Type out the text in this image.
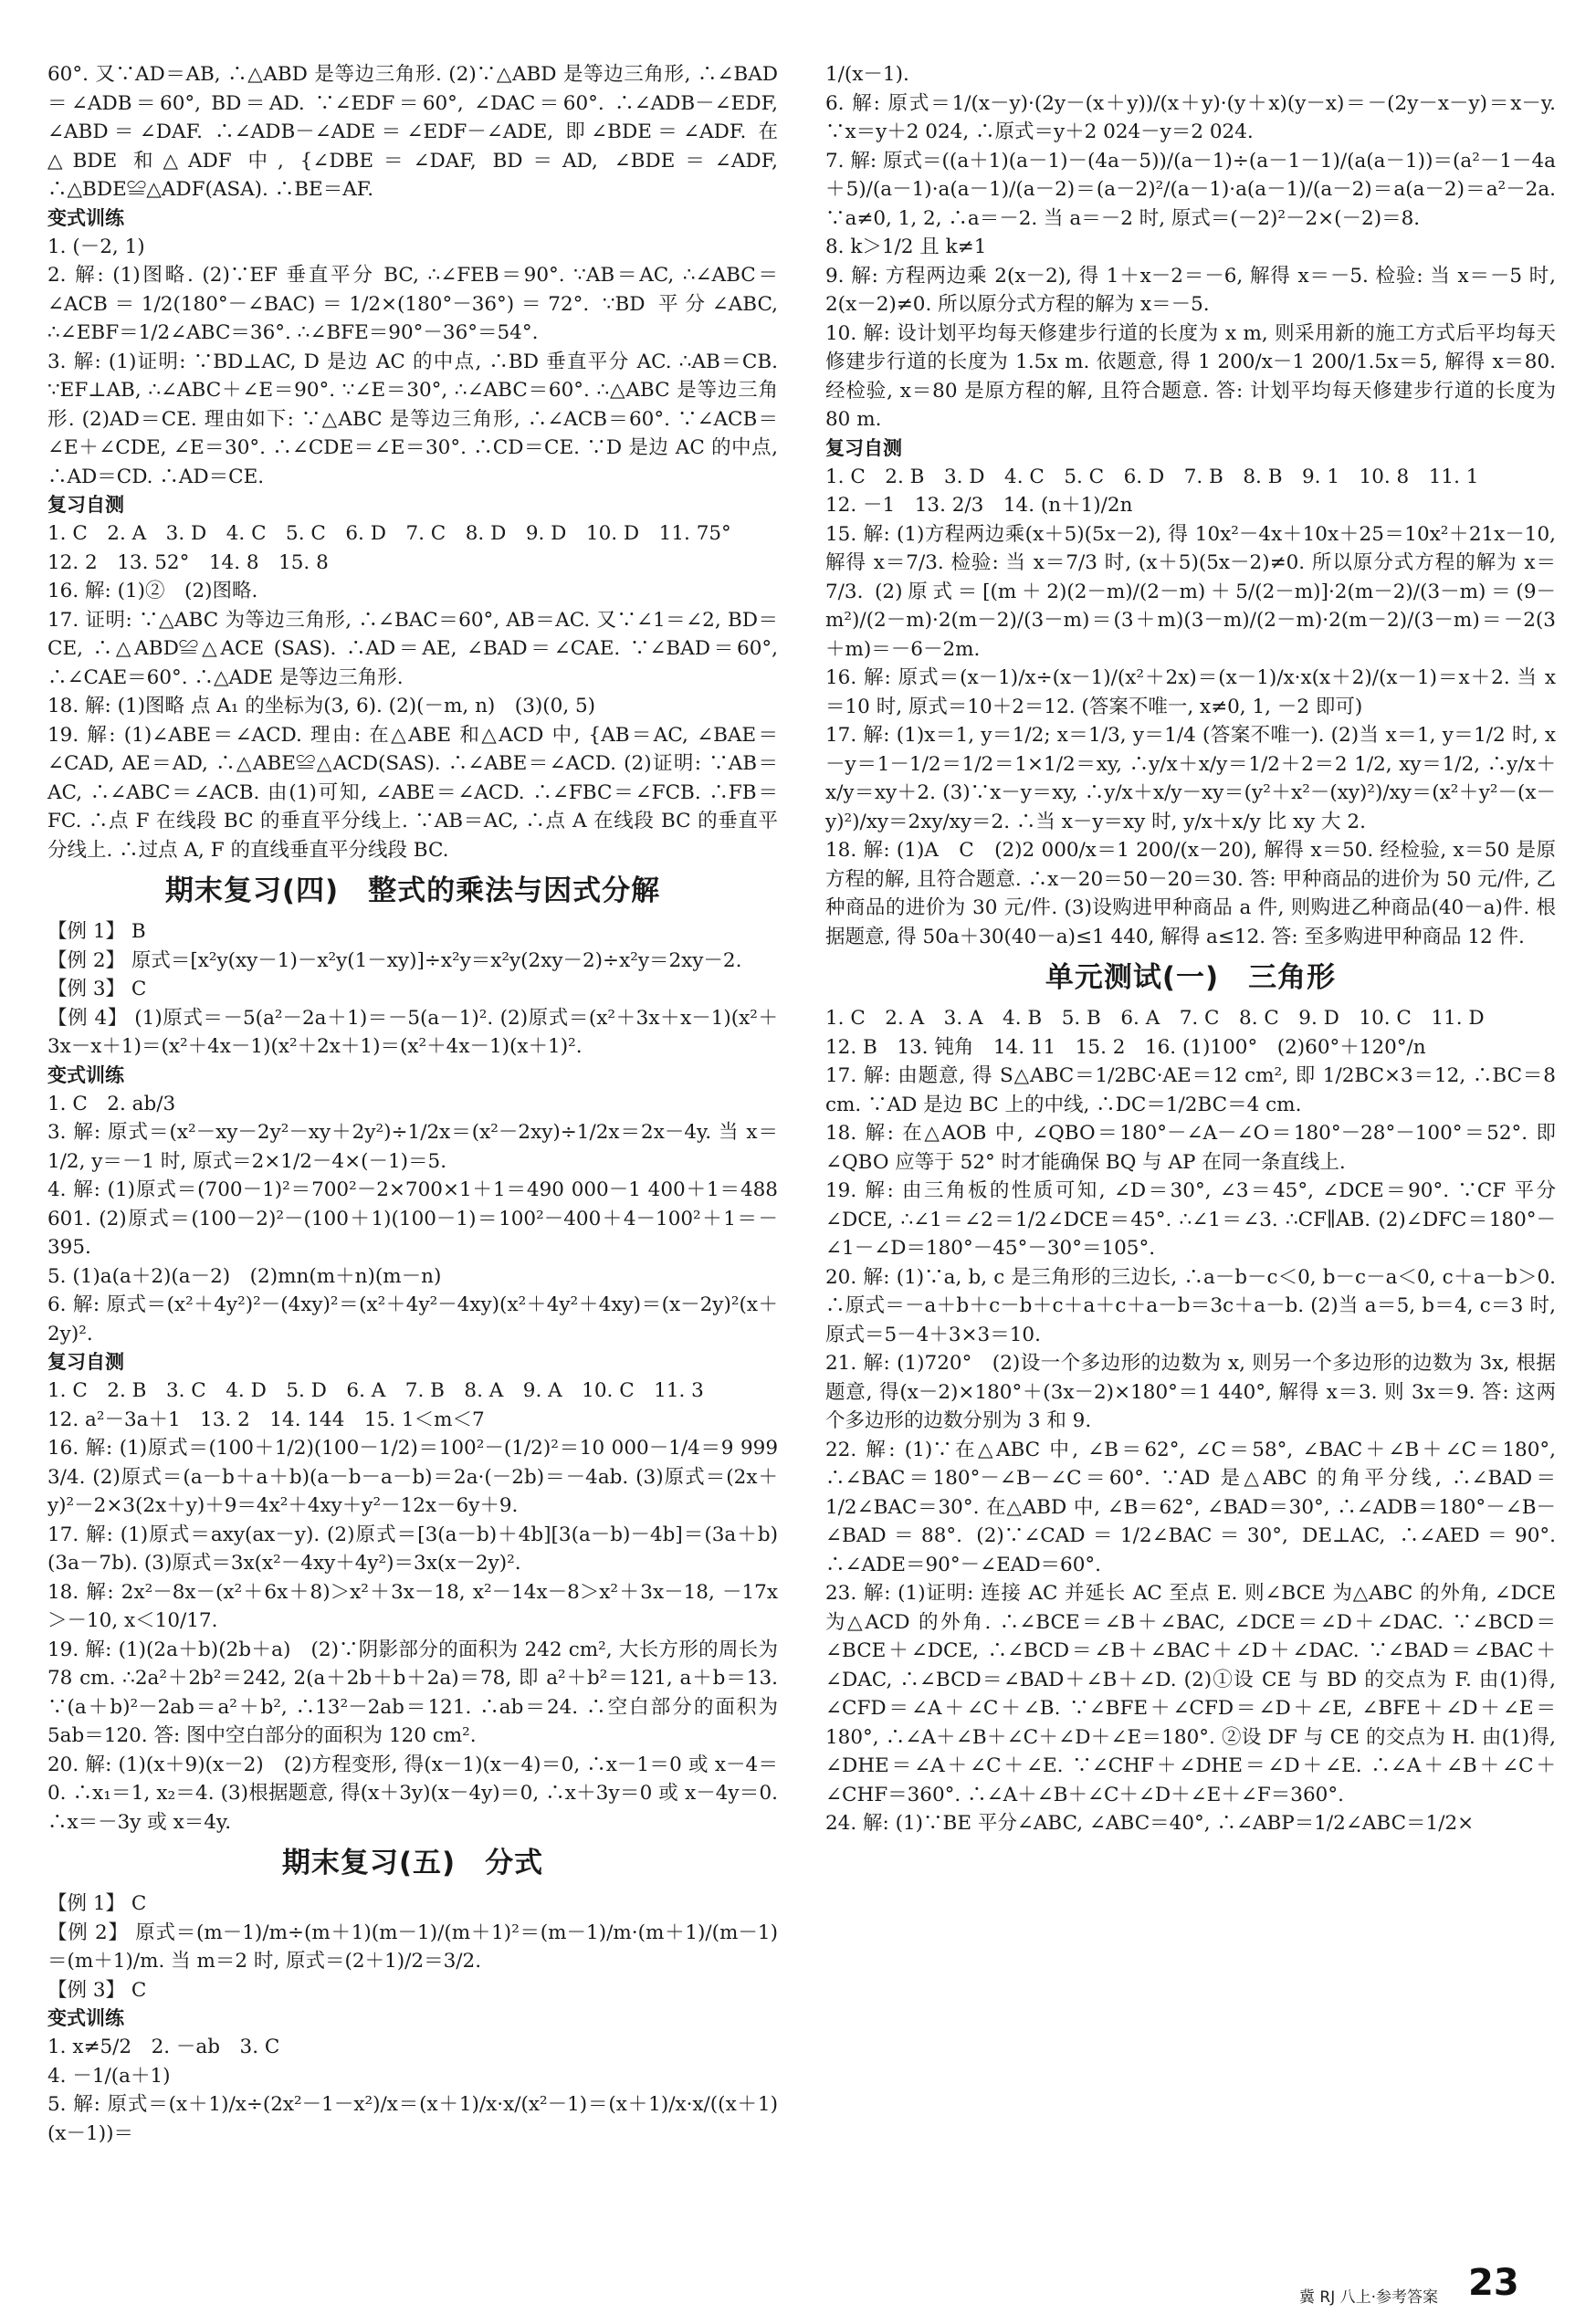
60°. 又∵AD＝AB, ∴△ABD 是等边三角形. (2)∵△ABD 是等边三角形, ∴∠BAD＝∠ADB＝60°, BD＝AD. ∵∠EDF＝60°, ∠DAC＝60°. ∴∠ADB－∠EDF, ∠ABD＝∠DAF. ∴∠ADB－∠ADE＝∠EDF－∠ADE, 即∠BDE＝∠ADF. 在△BDE 和△ADF 中, {∠DBE＝∠DAF, BD＝AD, ∠BDE＝∠ADF, ∴△BDE≌△ADF(ASA). ∴BE＝AF.

变式训练

1. (－2, 1)
2. 解: (1)图略. (2)∵EF 垂直平分 BC, ∴∠FEB＝90°. ∵AB＝AC, ∴∠ABC＝∠ACB＝1/2(180°－∠BAC)＝1/2×(180°－36°)＝72°. ∵BD 平分∠ABC, ∴∠EBF＝1/2∠ABC＝36°. ∴∠BFE＝90°－36°＝54°.
3. 解: (1)证明: ∵BD⊥AC, D 是边 AC 的中点, ∴BD 垂直平分 AC. ∴AB＝CB. ∵EF⊥AB, ∴∠ABC＋∠E＝90°. ∵∠E＝30°, ∴∠ABC＝60°. ∴△ABC 是等边三角形. (2)AD＝CE. 理由如下: ∵△ABC 是等边三角形, ∴∠ACB＝60°. ∵∠ACB＝∠E＋∠CDE, ∠E＝30°. ∴∠CDE＝∠E＝30°. ∴CD＝CE. ∵D 是边 AC 的中点, ∴AD＝CD. ∴AD＝CE.

复习自测

1. C　2. A　3. D　4. C　5. C　6. D　7. C　8. D　9. D　10. D　11. 75°
12. 2　13. 52°　14. 8　15. 8
16. 解: (1)②　(2)图略.
17. 证明: ∵△ABC 为等边三角形, ∴∠BAC＝60°, AB＝AC. 又∵∠1＝∠2, BD＝CE, ∴△ABD≌△ACE (SAS). ∴AD＝AE, ∠BAD＝∠CAE. ∵∠BAD＝60°, ∴∠CAE＝60°. ∴△ADE 是等边三角形.
18. 解: (1)图略 点 A₁ 的坐标为(3, 6). (2)(－m, n)　(3)(0, 5)
19. 解: (1)∠ABE＝∠ACD. 理由: 在△ABE 和△ACD 中, {AB＝AC, ∠BAE＝∠CAD, AE＝AD, ∴△ABE≌△ACD(SAS). ∴∠ABE＝∠ACD. (2)证明: ∵AB＝AC, ∴∠ABC＝∠ACB. 由(1)可知, ∠ABE＝∠ACD. ∴∠FBC＝∠FCB. ∴FB＝FC. ∴点 F 在线段 BC 的垂直平分线上. ∵AB＝AC, ∴点 A 在线段 BC 的垂直平分线上. ∴过点 A, F 的直线垂直平分线段 BC.

期末复习(四)　整式的乘法与因式分解

【例 1】 B
【例 2】 原式＝[x²y(xy－1)－x²y(1－xy)]÷x²y＝x²y(2xy－2)÷x²y＝2xy－2.
【例 3】 C
【例 4】 (1)原式＝－5(a²－2a＋1)＝－5(a－1)². (2)原式＝(x²＋3x＋x－1)(x²＋3x－x＋1)＝(x²＋4x－1)(x²＋2x＋1)＝(x²＋4x－1)(x＋1)².

变式训练

1. C　2. ab/3
3. 解: 原式＝(x²－xy－2y²－xy＋2y²)÷1/2x＝(x²－2xy)÷1/2x＝2x－4y. 当 x＝1/2, y＝－1 时, 原式＝2×1/2－4×(－1)＝5.
4. 解: (1)原式＝(700－1)²＝700²－2×700×1＋1＝490 000－1 400＋1＝488 601. (2)原式＝(100－2)²－(100＋1)(100－1)＝100²－400＋4－100²＋1＝－395.
5. (1)a(a＋2)(a－2)　(2)mn(m＋n)(m－n)
6. 解: 原式＝(x²＋4y²)²－(4xy)²＝(x²＋4y²－4xy)(x²＋4y²＋4xy)＝(x－2y)²(x＋2y)².

复习自测

1. C　2. B　3. C　4. D　5. D　6. A　7. B　8. A　9. A　10. C　11. 3
12. a²－3a＋1　13. 2　14. 144　15. 1＜m＜7
16. 解: (1)原式＝(100＋1/2)(100－1/2)＝100²－(1/2)²＝10 000－1/4＝9 999 3/4. (2)原式＝(a－b＋a＋b)(a－b－a－b)＝2a·(－2b)＝－4ab. (3)原式＝(2x＋y)²－2×3(2x＋y)＋9＝4x²＋4xy＋y²－12x－6y＋9.
17. 解: (1)原式＝axy(ax－y). (2)原式＝[3(a－b)＋4b][3(a－b)－4b]＝(3a＋b)(3a－7b). (3)原式＝3x(x²－4xy＋4y²)＝3x(x－2y)².
18. 解: 2x²－8x－(x²＋6x＋8)＞x²＋3x－18, x²－14x－8＞x²＋3x－18, －17x＞－10, x＜10/17.
19. 解: (1)(2a＋b)(2b＋a)　(2)∵阴影部分的面积为 242 cm², 大长方形的周长为 78 cm. ∴2a²＋2b²＝242, 2(a＋2b＋b＋2a)＝78, 即 a²＋b²＝121, a＋b＝13. ∵(a＋b)²－2ab＝a²＋b², ∴13²－2ab＝121. ∴ab＝24. ∴空白部分的面积为 5ab＝120. 答: 图中空白部分的面积为 120 cm².
20. 解: (1)(x＋9)(x－2)　(2)方程变形, 得(x－1)(x－4)＝0, ∴x－1＝0 或 x－4＝0. ∴x₁＝1, x₂＝4. (3)根据题意, 得(x＋3y)(x－4y)＝0, ∴x＋3y＝0 或 x－4y＝0. ∴x＝－3y 或 x＝4y.

期末复习(五)　分式

【例 1】 C
【例 2】 原式＝(m－1)/m÷(m＋1)(m－1)/(m＋1)²＝(m－1)/m·(m＋1)/(m－1)＝(m＋1)/m. 当 m＝2 时, 原式＝(2＋1)/2＝3/2.
【例 3】 C

变式训练

1. x≠5/2　2. －ab　3. C
4. －1/(a＋1)
5. 解: 原式＝(x＋1)/x÷(2x²－1－x²)/x＝(x＋1)/x·x/(x²－1)＝(x＋1)/x·x/((x＋1)(x－1))＝

1/(x－1).
6. 解: 原式＝1/(x－y)·(2y－(x＋y))/(x＋y)·(y＋x)(y－x)＝－(2y－x－y)＝x－y. ∵x＝y＋2 024, ∴原式＝y＋2 024－y＝2 024.
7. 解: 原式＝((a＋1)(a－1)－(4a－5))/(a－1)÷(a－1－1)/(a(a－1))＝(a²－1－4a＋5)/(a－1)·a(a－1)/(a－2)＝(a－2)²/(a－1)·a(a－1)/(a－2)＝a(a－2)＝a²－2a. ∵a≠0, 1, 2, ∴a＝－2. 当 a＝－2 时, 原式＝(－2)²－2×(－2)＝8.
8. k＞1/2 且 k≠1
9. 解: 方程两边乘 2(x－2), 得 1＋x－2＝－6, 解得 x＝－5. 检验: 当 x＝－5 时, 2(x－2)≠0. 所以原分式方程的解为 x＝－5.
10. 解: 设计划平均每天修建步行道的长度为 x m, 则采用新的施工方式后平均每天修建步行道的长度为 1.5x m. 依题意, 得 1 200/x－1 200/1.5x＝5, 解得 x＝80. 经检验, x＝80 是原方程的解, 且符合题意. 答: 计划平均每天修建步行道的长度为 80 m.

复习自测

1. C　2. B　3. D　4. C　5. C　6. D　7. B　8. B　9. 1　10. 8　11. 1
12. －1　13. 2/3　14. (n＋1)/2n
15. 解: (1)方程两边乘(x＋5)(5x－2), 得 10x²－4x＋10x＋25＝10x²＋21x－10, 解得 x＝7/3. 检验: 当 x＝7/3 时, (x＋5)(5x－2)≠0. 所以原分式方程的解为 x＝7/3. (2)原式＝[(m＋2)(2－m)/(2－m)＋5/(2－m)]·2(m－2)/(3－m)＝(9－m²)/(2－m)·2(m－2)/(3－m)＝(3＋m)(3－m)/(2－m)·2(m－2)/(3－m)＝－2(3＋m)＝－6－2m.
16. 解: 原式＝(x－1)/x÷(x－1)/(x²＋2x)＝(x－1)/x·x(x＋2)/(x－1)＝x＋2. 当 x＝10 时, 原式＝10＋2＝12. (答案不唯一, x≠0, 1, －2 即可)
17. 解: (1)x＝1, y＝1/2; x＝1/3, y＝1/4 (答案不唯一). (2)当 x＝1, y＝1/2 时, x－y＝1－1/2＝1/2＝1×1/2＝xy, ∴y/x＋x/y＝1/2＋2＝2 1/2, xy＝1/2, ∴y/x＋x/y＝xy＋2. (3)∵x－y＝xy, ∴y/x＋x/y－xy＝(y²＋x²－(xy)²)/xy＝(x²＋y²－(x－y)²)/xy＝2xy/xy＝2. ∴当 x－y＝xy 时, y/x＋x/y 比 xy 大 2.
18. 解: (1)A　C　(2)2 000/x＝1 200/(x－20), 解得 x＝50. 经检验, x＝50 是原方程的解, 且符合题意. ∴x－20＝50－20＝30. 答: 甲种商品的进价为 50 元/件, 乙种商品的进价为 30 元/件. (3)设购进甲种商品 a 件, 则购进乙种商品(40－a)件. 根据题意, 得 50a＋30(40－a)≤1 440, 解得 a≤12. 答: 至多购进甲种商品 12 件.

单元测试(一)　三角形

1. C　2. A　3. A　4. B　5. B　6. A　7. C　8. C　9. D　10. C　11. D
12. B　13. 钝角　14. 11　15. 2　16. (1)100°　(2)60°＋120°/n
17. 解: 由题意, 得 S△ABC＝1/2BC·AE＝12 cm², 即 1/2BC×3＝12, ∴BC＝8 cm. ∵AD 是边 BC 上的中线, ∴DC＝1/2BC＝4 cm.
18. 解: 在△AOB 中, ∠QBO＝180°－∠A－∠O＝180°－28°－100°＝52°. 即∠QBO 应等于 52° 时才能确保 BQ 与 AP 在同一条直线上.
19. 解: 由三角板的性质可知, ∠D＝30°, ∠3＝45°, ∠DCE＝90°. ∵CF 平分∠DCE, ∴∠1＝∠2＝1/2∠DCE＝45°. ∴∠1＝∠3. ∴CF∥AB. (2)∠DFC＝180°－∠1－∠D＝180°－45°－30°＝105°.
20. 解: (1)∵a, b, c 是三角形的三边长, ∴a－b－c＜0, b－c－a＜0, c＋a－b＞0. ∴原式＝－a＋b＋c－b＋c＋a＋c＋a－b＝3c＋a－b. (2)当 a＝5, b＝4, c＝3 时, 原式＝5－4＋3×3＝10.
21. 解: (1)720°　(2)设一个多边形的边数为 x, 则另一个多边形的边数为 3x, 根据题意, 得(x－2)×180°＋(3x－2)×180°＝1 440°, 解得 x＝3. 则 3x＝9. 答: 这两个多边形的边数分别为 3 和 9.
22. 解: (1)∵在△ABC 中, ∠B＝62°, ∠C＝58°, ∠BAC＋∠B＋∠C＝180°, ∴∠BAC＝180°－∠B－∠C＝60°. ∵AD 是△ABC 的角平分线, ∴∠BAD＝1/2∠BAC＝30°. 在△ABD 中, ∠B＝62°, ∠BAD＝30°, ∴∠ADB＝180°－∠B－∠BAD＝88°. (2)∵∠CAD＝1/2∠BAC＝30°, DE⊥AC, ∴∠AED＝90°. ∴∠ADE＝90°－∠EAD＝60°.
23. 解: (1)证明: 连接 AC 并延长 AC 至点 E. 则∠BCE 为△ABC 的外角, ∠DCE 为△ACD 的外角. ∴∠BCE＝∠B＋∠BAC, ∠DCE＝∠D＋∠DAC. ∵∠BCD＝∠BCE＋∠DCE, ∴∠BCD＝∠B＋∠BAC＋∠D＋∠DAC. ∵∠BAD＝∠BAC＋∠DAC, ∴∠BCD＝∠BAD＋∠B＋∠D. (2)①设 CE 与 BD 的交点为 F. 由(1)得, ∠CFD＝∠A＋∠C＋∠B. ∵∠BFE＋∠CFD＝∠D＋∠E, ∠BFE＋∠D＋∠E＝180°, ∴∠A＋∠B＋∠C＋∠D＋∠E＝180°. ②设 DF 与 CE 的交点为 H. 由(1)得, ∠DHE＝∠A＋∠C＋∠E. ∵∠CHF＋∠DHE＝∠D＋∠E. ∴∠A＋∠B＋∠C＋∠CHF＝360°. ∴∠A＋∠B＋∠C＋∠D＋∠E＋∠F＝360°.
24. 解: (1)∵BE 平分∠ABC, ∠ABC＝40°, ∴∠ABP＝1/2∠ABC＝1/2×

冀 RJ 八上·参考答案 23
